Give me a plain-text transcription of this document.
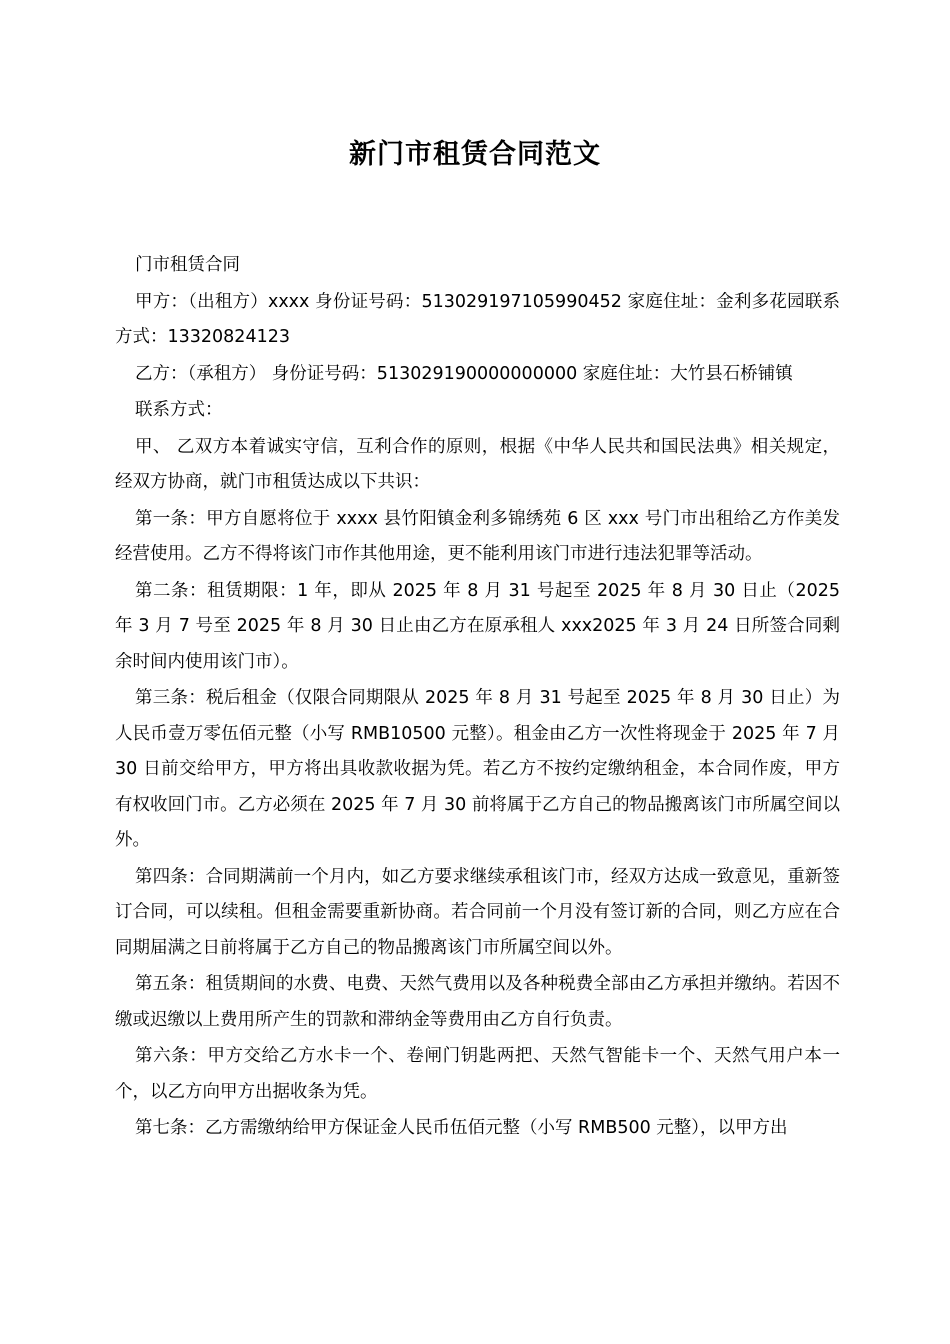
新门市租赁合同范文

门市租赁合同

甲方：（出租方）xxxx 身份证号码：513029197105990452 家庭住址：金利多花园联系方式：13320824123

乙方：（承租方） 身份证号码：513029190000000000 家庭住址：大竹县石桥铺镇

联系方式：

甲、 乙双方本着诚实守信，互利合作的原则，根据《中华人民共和国民法典》相关规定，经双方协商，就门市租赁达成以下共识：

第一条：甲方自愿将位于 xxxx 县竹阳镇金利多锦绣苑 6 区 xxx 号门市出租给乙方作美发经营使用。乙方不得将该门市作其他用途，更不能利用该门市进行违法犯罪等活动。

第二条：租赁期限：1 年，即从 2025 年 8 月 31 号起至 2025 年 8 月 30 日止（2025 年 3 月 7 号至 2025 年 8 月 30 日止由乙方在原承租人 xxx2025 年 3 月 24 日所签合同剩余时间内使用该门市）。

第三条：税后租金（仅限合同期限从 2025 年 8 月 31 号起至 2025 年 8 月 30 日止）为人民币壹万零伍佰元整（小写 RMB10500 元整）。租金由乙方一次性将现金于 2025 年 7 月 30 日前交给甲方，甲方将出具收款收据为凭。若乙方不按约定缴纳租金，本合同作废，甲方有权收回门市。乙方必须在 2025 年 7 月 30 前将属于乙方自己的物品搬离该门市所属空间以外。

第四条：合同期满前一个月内，如乙方要求继续承租该门市，经双方达成一致意见，重新签订合同，可以续租。但租金需要重新协商。若合同前一个月没有签订新的合同，则乙方应在合同期届满之日前将属于乙方自己的物品搬离该门市所属空间以外。

第五条：租赁期间的水费、电费、天然气费用以及各种税费全部由乙方承担并缴纳。若因不缴或迟缴以上费用所产生的罚款和滞纳金等费用由乙方自行负责。

第六条：甲方交给乙方水卡一个、卷闸门钥匙两把、天然气智能卡一个、天然气用户本一个，以乙方向甲方出据收条为凭。

第七条：乙方需缴纳给甲方保证金人民币伍佰元整（小写 RMB500 元整），以甲方出
